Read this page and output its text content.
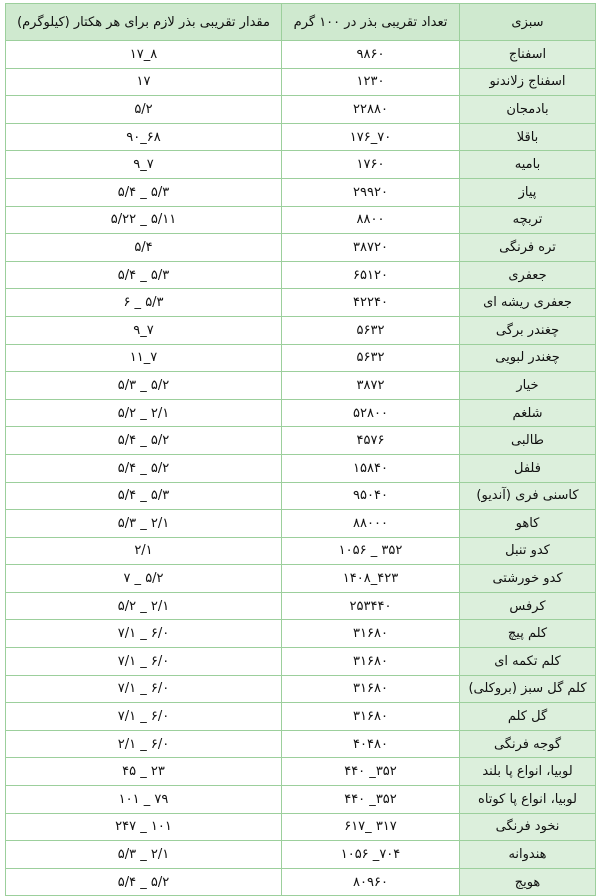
سبزی	تعداد تقریبی بذر در ۱۰۰ گرم	مقدار تقریبی بذر لازم برای هر هکتار (کیلوگرم)
اسفناج	۹۸۶۰	۸_۱۷
اسفناج زلاندنو	۱۲۳۰	۱۷
بادمجان	۲۲۸۸۰	۵/۲
باقلا	۷۰_۱۷۶	۶۸_۹۰
بامیه	۱۷۶۰	۷_۹
پیاز	۲۹۹۲۰	۵/۳ _ ۵/۴
تربچه	۸۸۰۰	۵/۱۱ _ ۵/۲۲
تره فرنگی	۳۸۷۲۰	۵/۴
جعفری	۶۵۱۲۰	۵/۳ _ ۵/۴
جعفری ریشه ای	۴۲۲۴۰	۵/۳ _ ۶
چغندر برگی	۵۶۳۲	۷_۹
چغندر لبویی	۵۶۳۲	۷_۱۱
خیار	۳۸۷۲	۵/۲ _ ۵/۳
شلغم	۵۲۸۰۰	۲/۱ _ ۵/۲
طالبی	۴۵۷۶	۵/۲ _ ۵/۴
فلفل	۱۵۸۴۰	۵/۲ _ ۵/۴
کاسنی فری (آندیو)	۹۵۰۴۰	۵/۳ _ ۵/۴
کاهو	۸۸۰۰۰	۲/۱ _ ۵/۳
کدو تنبل	۳۵۲ _ ۱۰۵۶	۲/۱
کدو خورشتی	۴۲۳_۱۴۰۸	۵/۲ _ ۷
کرفس	۲۵۳۴۴۰	۲/۱ _ ۵/۲
کلم پیچ	۳۱۶۸۰	۶/۰ _ ۷/۱
کلم تکمه ای	۳۱۶۸۰	۶/۰ _ ۷/۱
کلم گل سبز (بروکلی)	۳۱۶۸۰	۶/۰ _ ۷/۱
گل کلم	۳۱۶۸۰	۶/۰ _ ۷/۱
گوجه فرنگی	۴۰۴۸۰	۶/۰ _ ۲/۱
لوبیا، انواع پا بلند	۳۵۲_ ۴۴۰	۲۳ _ ۴۵
لوبیا، انواع پا کوتاه	۳۵۲_ ۴۴۰	۷۹ _ ۱۰۱
نخود فرنگی	۳۱۷ _۶۱۷	۱۰۱ _ ۲۴۷
هندوانه	۷۰۴_ ۱۰۵۶	۲/۱ _ ۵/۳
هویج	۸۰۹۶۰	۵/۲ _ ۵/۴
